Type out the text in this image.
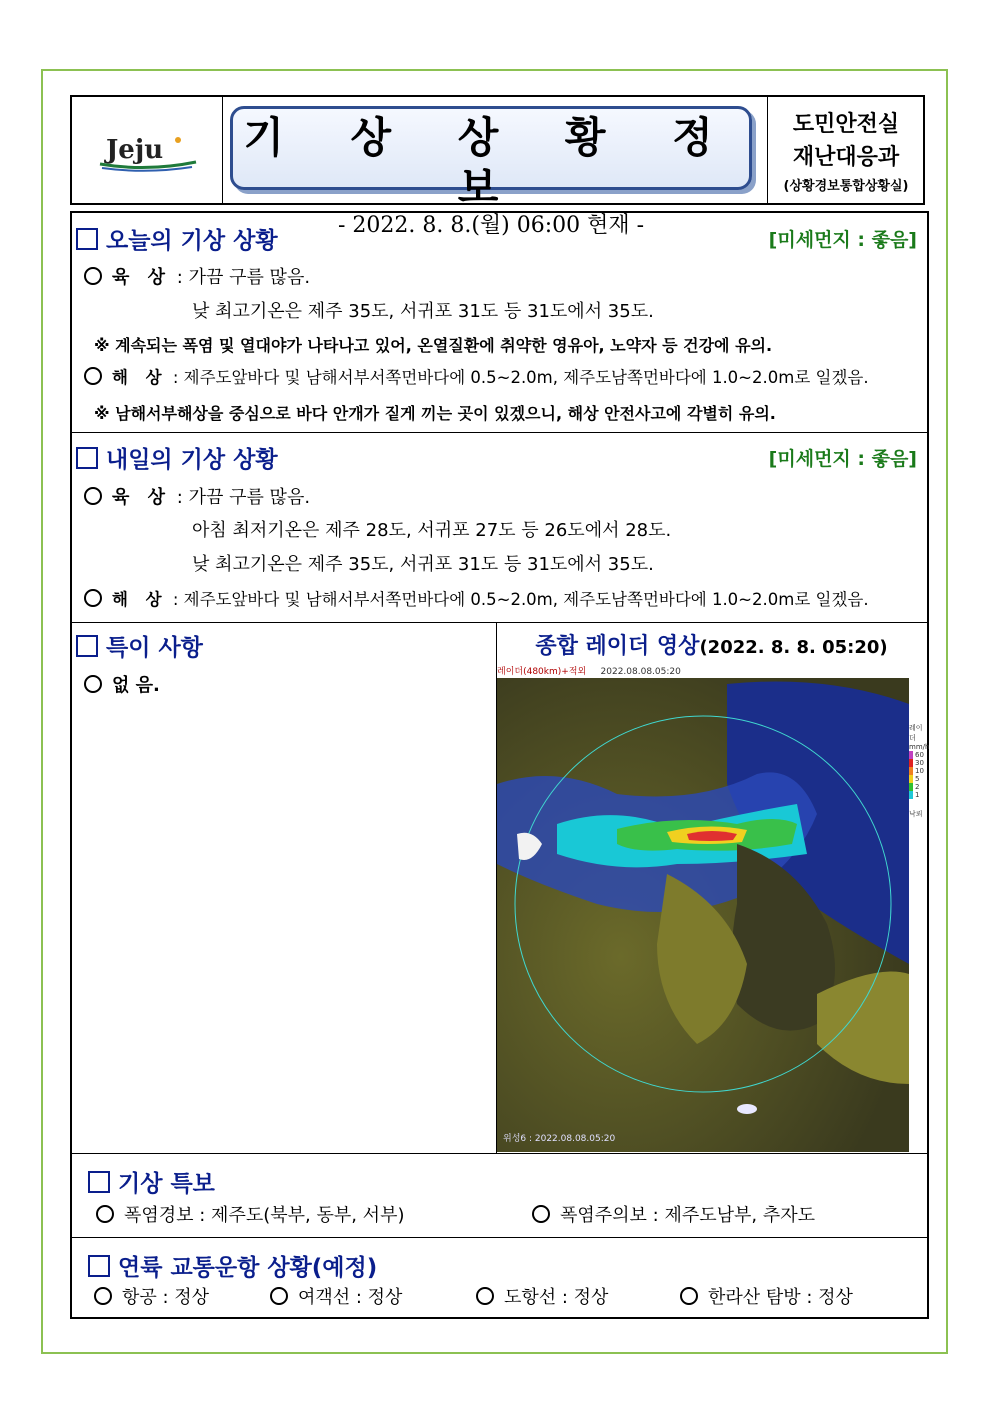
Jeju 기 상 상 황 정 보
- 2022. 8. 8.(월) 06:00 현재 -
도민안전실
재난대응과
(상황경보통합상황실)
오늘의 기상 상황	[미세먼지 : 좋음]
육 상 : 가끔 구름 많음.
낮 최고기온은 제주 35도, 서귀포 31도 등 31도에서 35도.
※ 계속되는 폭염 및 열대야가 나타나고 있어, 온열질환에 취약한 영유아, 노약자 등 건강에 유의.
해 상 : 제주도앞바다 및 남해서부서쪽먼바다에 0.5~2.0m, 제주도남쪽먼바다에 1.0~2.0m로 일겠음.
※ 남해서부해상을 중심으로 바다 안개가 짙게 끼는 곳이 있겠으니, 해상 안전사고에 각별히 유의.
내일의 기상 상황	[미세먼지 : 좋음]
육 상 : 가끔 구름 많음.
아침 최저기온은 제주 28도, 서귀포 27도 등 26도에서 28도.
낮 최고기온은 제주 35도, 서귀포 31도 등 31도에서 35도.
해 상 : 제주도앞바다 및 남해서부서쪽먼바다에 0.5~2.0m, 제주도남쪽먼바다에 1.0~2.0m로 일겠음.
특이 사항
없 음.
종합 레이더 영상(2022. 8. 8. 05:20)
레이더(480km)+적외 2022.08.08.05:20
위성6 : 2022.08.08.05:20
레이더
mm/h
60
30
10
5
2
1
낙뢰
기상 특보
폭염경보 : 제주도(북부, 동부, 서부)	폭염주의보 : 제주도남부, 추자도
연륙 교통운항 상황(예정)
항공 : 정상	여객선 : 정상	도항선 : 정상	한라산 탐방 : 정상
